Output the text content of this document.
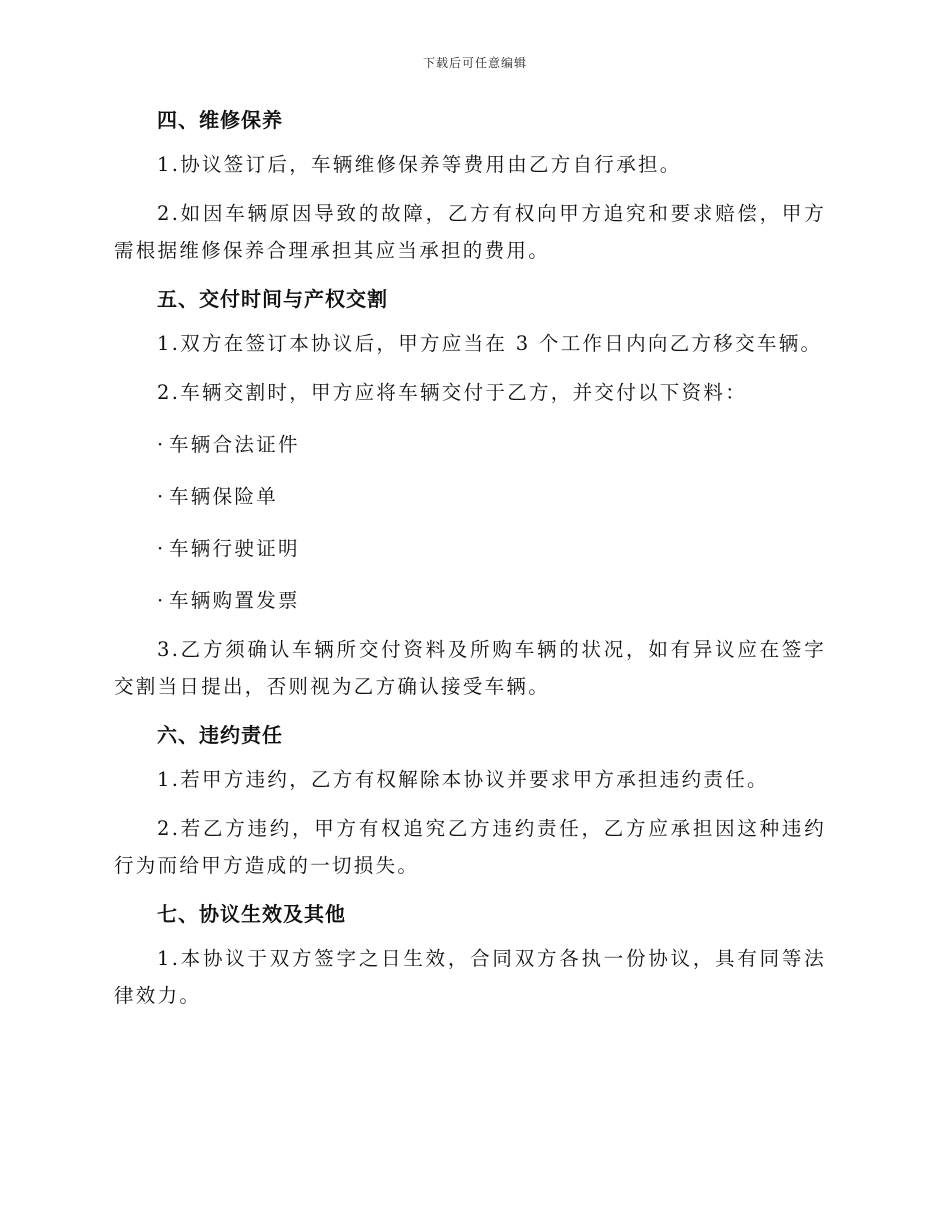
下载后可任意编辑
四、维修保养
1.协议签订后，车辆维修保养等费用由乙方自行承担。
2.如因车辆原因导致的故障，乙方有权向甲方追究和要求赔偿，甲方需根据维修保养合理承担其应当承担的费用。
五、交付时间与产权交割
1.双方在签订本协议后，甲方应当在 3 个工作日内向乙方移交车辆。
2.车辆交割时，甲方应将车辆交付于乙方，并交付以下资料：
· 车辆合法证件
· 车辆保险单
· 车辆行驶证明
· 车辆购置发票
3.乙方须确认车辆所交付资料及所购车辆的状况，如有异议应在签字交割当日提出，否则视为乙方确认接受车辆。
六、违约责任
1.若甲方违约，乙方有权解除本协议并要求甲方承担违约责任。
2.若乙方违约，甲方有权追究乙方违约责任，乙方应承担因这种违约行为而给甲方造成的一切损失。
七、协议生效及其他
1.本协议于双方签字之日生效，合同双方各执一份协议，具有同等法律效力。
